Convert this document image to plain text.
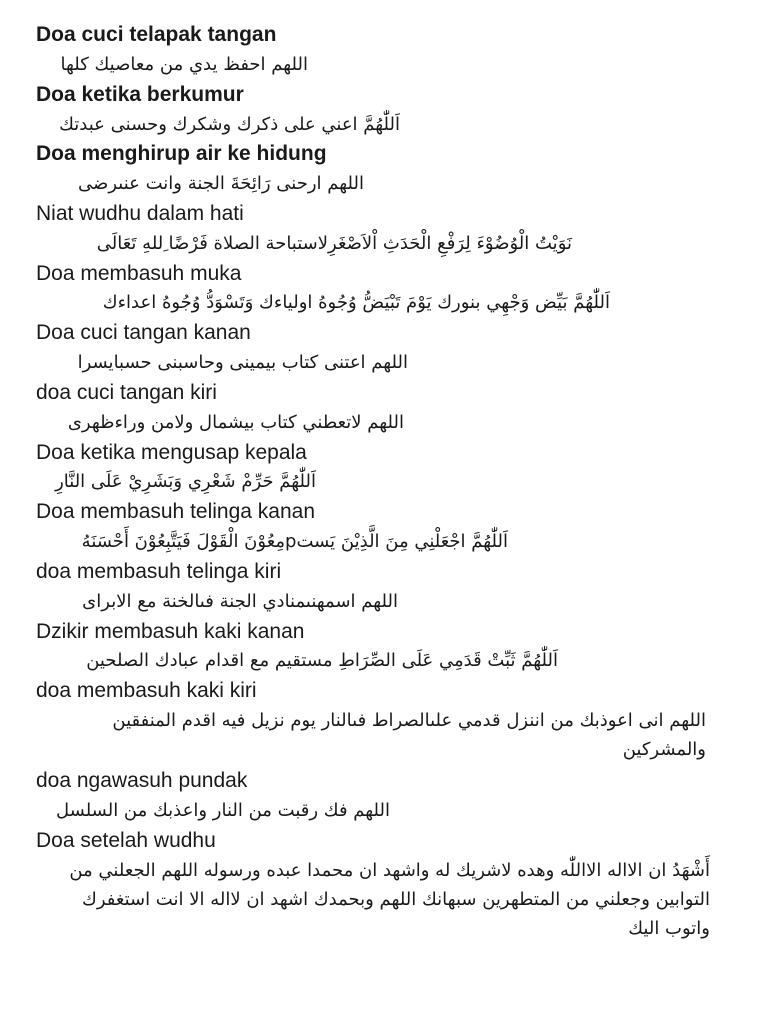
Doa cuci telapak tangan
اللهم احفظ يدي من معاصيك كلها
Doa ketika berkumur
اَللّٰهُمَّ اعني على ذكرك وشكرك وحسنى عبدتك
Doa menghirup air ke hidung
اللهم ارحنى رَائِحَةَ الجنة وانت عنىرضى
Niat wudhu dalam hati
نَوَيْتُ الْوُضُوْءَ لِرَفْعِ الْحَدَثِ اْلاَصْغَرِلاستباحة الصلاة فَرْضًا ِللهِ تَعَالَى
Doa membasuh muka
اَللّٰهُمَّ بَيِّض وَجْهِي بنورك يَوْمَ تَبْيَضُّ وُجُوهُ اولياءك وَتَسْوَدُّ وُجُوهُ اعداءك
Doa cuci tangan kanan
اللهم اعتنى كتاب بيمينى وحاسبنى حسبايسرا
doa cuci tangan kiri
اللهم لاتعطني كتاب بيشمال ولامن وراءظهرى
Doa ketika mengusap kepala
اَللّٰهُمَّ حَرِّمْ شَعْرِي وَبَشَرِيْ عَلَى النَّارِ
Doa membasuh telinga kanan
اَللّٰهُمَّ اجْعَلْنِي مِنَ الَّذِيْنَ يَستpمِعُوْنَ الْقَوْلَ فَيَتَّبِعُوْنَ أَحْسَنَهُ
doa membasuh telinga kiri
اللهم اسمهنىمنادي الجنة فىالخنة مع الابراى
Dzikir membasuh kaki kanan
اَللّٰهُمَّ ثَبِّتْ قَدَمِي عَلَى الصِّرَاطِ مستقيم مع اقدام عبادك الصلحين
doa membasuh kaki kiri
اللهم انى اعوذبك من اننزل قدمي علىالصراط فىالنار يوم نزيل فيه اقدم المنفقين والمشركين
doa ngawasuh pundak
اللهم فك رقبت من النار واعذبك من السلسل
Doa setelah wudhu
أَشْهَدُ ان الااله الااللّٰه وهده لاشريك له واشهد ان محمدا عبده ورسوله اللهم الجعلني من التوابين وجعلني من المتطهرين سبهانك اللهم وبحمدك اشهد ان لااله الا انت استغفرك واتوب اليك
